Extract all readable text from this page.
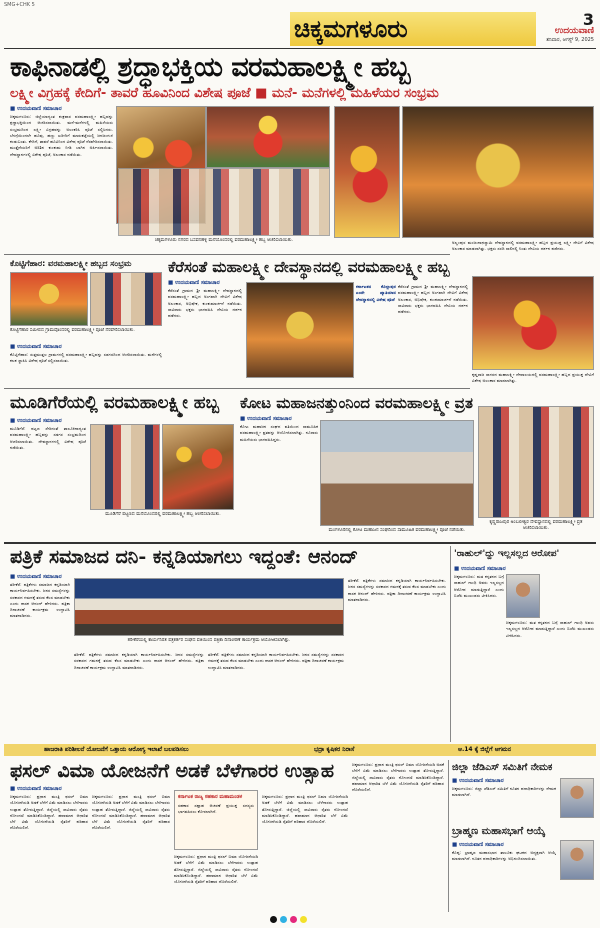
SMG+CHK 5
ಚಿಕ್ಕಮಗಳೂರು	3
ಉದಯವಾಣಿ
ಶನಿವಾರ, ಆಗಸ್ಟ್ 9, 2025
ಕಾಫಿನಾಡಲ್ಲಿ ಶ್ರದ್ಧಾಭಕ್ತಿಯ ವರಮಹಾಲಕ್ಷ್ಮೀ ಹಬ್ಬ
ಲಕ್ಷ್ಮೀ ವಿಗ್ರಹಕ್ಕೆ ಕೇದಿಗೆ- ತಾವರೆ ಹೂವಿನಿಂದ ವಿಶೇಷ ಪೂಜೆ ■ ಮನೆ- ಮನೆಗಳಲ್ಲಿ ಮಹಿಳೆಯರ ಸಂಭ್ರಮ
■ ಉದಯವಾಣಿ ಸಮಾಚಾರ
ಚಿಕ್ಕಮಗಳೂರು: ಜಿಲ್ಲೆಯಾದ್ಯಂತ ಶುಕ್ರವಾರ ವರಮಹಾಲಕ್ಷ್ಮೀ ಹಬ್ಬವನ್ನು ಶ್ರದ್ಧಾಭಕ್ತಿಯಿಂದ ಆಚರಿಸಲಾಯಿತು. ಮನೆ-ಮನೆಗಳಲ್ಲಿ ಮಹಿಳೆಯರು ಸಂಭ್ರಮದಿಂದ ಲಕ್ಷ್ಮೀ ವಿಗ್ರಹವನ್ನು ಅಲಂಕರಿಸಿ ಪೂಜೆ ಸಲ್ಲಿಸಿದರು. ಬೆಳಗ್ಗೆಯಿಂದಲೇ ಹೂವು, ಹಣ್ಣು ಖರೀದಿಗೆ ಮಾರುಕಟ್ಟೆಯಲ್ಲಿ ಜನಜಂಗುಳಿ ಕಂಡುಬಂತು. ಕೇದಿಗೆ, ತಾವರೆ ಹೂವಿನಿಂದ ವಿಶೇಷ ಪೂಜೆ ನೆರವೇರಿಸಲಾಯಿತು. ಮುತ್ತೈದೆಯರಿಗೆ ಅರಿಶಿನ ಕುಂಕುಮ ನೀಡಿ ಬಾಗಿನ ಅರ್ಪಿಸಲಾಯಿತು. ದೇವಸ್ಥಾನಗಳಲ್ಲಿ ವಿಶೇಷ ಪೂಜೆ, ಅಲಂಕಾರ ನಡೆಯಿತು.
ಚಿಕ್ಕಮಗಳೂರು ನಗರದ ಬಸವನಹಳ್ಳಿ ಮನೆಯೊಂದರಲ್ಲಿ ವರಮಹಾಲಕ್ಷ್ಮೀ ಹಬ್ಬ ಆಚರಿಸಲಾಯಿತು.	ಅಲ್ಲಂಪುರ ಮಂಜುನಾಥಸ್ವಾಮಿ ದೇವಸ್ಥಾನದಲ್ಲಿ ವರಮಹಾಲಕ್ಷ್ಮೀ ಹಬ್ಬದ ಪ್ರಯುಕ್ತ ಲಕ್ಷ್ಮೀ ದೇವಿಗೆ ವಿಶೇಷ ಅಲಂಕಾರ ಮಾಡಲಾಗಿತ್ತು. ಭಕ್ತರು ಸರದಿ ಸಾಲಿನಲ್ಲಿ ನಿಂತು ದೇವಿಯ ದರ್ಶನ ಪಡೆದರು.
ಕೊಟ್ಟಿಗೆಹಾರ: ವರಮಹಾಲಕ್ಷ್ಮೀ ಹಬ್ಬದ ಸಂಭ್ರಮ
ಕೊಟ್ಟಿಗೆಹಾರ ಸಮೀಪದ ಗ್ರಾಮವೊಂದರಲ್ಲಿ ವರಮಹಾಲಕ್ಷ್ಮೀ ಪೂಜೆ ನೆರವೇರಿಸಲಾಯಿತು.
■ ಉದಯವಾಣಿ ಸಮಾಚಾರ
ಕೊಟ್ಟಿಗೆಹಾರ: ಸುತ್ತಮುತ್ತಲ ಗ್ರಾಮಗಳಲ್ಲಿ ವರಮಹಾಲಕ್ಷ್ಮೀ ಹಬ್ಬವನ್ನು ಸಡಗರದಿಂದ ಆಚರಿಸಲಾಯಿತು. ಮನೆಗಳಲ್ಲಿ ಕಲಶ ಸ್ಥಾಪಿಸಿ ವಿಶೇಷ ಪೂಜೆ ಸಲ್ಲಿಸಲಾಯಿತು.
ಕೆರೆಸಂತೆ ಮಹಾಲಕ್ಷ್ಮೀ ದೇವಸ್ಥಾನದಲ್ಲಿ ವರಮಹಾಲಕ್ಷ್ಮೀ ಹಬ್ಬ
■ ಉದಯವಾಣಿ ಸಮಾಚಾರ
ಕೆರೆಸಂತೆ ಗ್ರಾಮದ ಶ್ರೀ ಮಹಾಲಕ್ಷ್ಮೀ ದೇವಸ್ಥಾನದಲ್ಲಿ ವರಮಹಾಲಕ್ಷ್ಮೀ ಹಬ್ಬದ ಅಂಗವಾಗಿ ದೇವಿಗೆ ವಿಶೇಷ ಅಲಂಕಾರ, ಅಭಿಷೇಕ, ಕುಂಕುಮಾರ್ಚನೆ ನಡೆಯಿತು. ಸಾವಿರಾರು ಭಕ್ತರು ಭಾಗವಹಿಸಿ ದೇವಿಯ ದರ್ಶನ ಪಡೆದರು.
ಕರ್ನಾಟಕದ ಕೊಲ್ಲಾಪುರ ಎಂದೇ ಖ್ಯಾತಿಯಾದ ದೇವಸ್ಥಾನದಲ್ಲಿ ವಿಶೇಷ ಪೂಜೆ
ಕೆರೆಸಂತೆ ಗ್ರಾಮದ ಶ್ರೀ ಮಹಾಲಕ್ಷ್ಮೀ ದೇವಸ್ಥಾನದಲ್ಲಿ ವರಮಹಾಲಕ್ಷ್ಮೀ ಹಬ್ಬದ ಅಂಗವಾಗಿ ದೇವಿಗೆ ವಿಶೇಷ ಅಲಂಕಾರ, ಅಭಿಷೇಕ, ಕುಂಕುಮಾರ್ಚನೆ ನಡೆಯಿತು. ಸಾವಿರಾರು ಭಕ್ತರು ಭಾಗವಹಿಸಿ ದೇವಿಯ ದರ್ಶನ ಪಡೆದರು.
ಕೃಷ್ಣರಾಜ ಸಾಗರದ ಮಹಾಲಕ್ಷ್ಮೀ ದೇವಾಲಯದಲ್ಲಿ ವರಮಹಾಲಕ್ಷ್ಮೀ ಹಬ್ಬದ ಪ್ರಯುಕ್ತ ದೇವಿಗೆ ವಿಶೇಷ ಅಲಂಕಾರ ಮಾಡಲಾಗಿತ್ತು.
ಮೂಡಿಗೆರೆಯಲ್ಲಿ ವರಮಹಾಲಕ್ಷ್ಮೀ ಹಬ್ಬ
■ ಉದಯವಾಣಿ ಸಮಾಚಾರ
ಮೂಡಿಗೆರೆ: ಪಟ್ಟಣ ಸೇರಿದಂತೆ ತಾಲೂಕಿನಾದ್ಯಂತ ವರಮಹಾಲಕ್ಷ್ಮೀ ಹಬ್ಬವನ್ನು ಸಡಗರ ಸಂಭ್ರಮದಿಂದ ಆಚರಿಸಲಾಯಿತು. ದೇವಸ್ಥಾನಗಳಲ್ಲಿ ವಿಶೇಷ ಪೂಜೆ ನಡೆಯಿತು.
ಮೂಡಿಗೆರೆ ಪಟ್ಟಣದ ಮನೆಯೊಂದರಲ್ಲಿ ವರಮಹಾಲಕ್ಷ್ಮೀ ಹಬ್ಬ ಆಚರಿಸಲಾಯಿತು.
ಕೋಟ ಮಹಾಜನತ್ತುಂನಿಂದ ವರಮಹಾಲಕ್ಷ್ಮೀ ವ್ರತ
■ ಉದಯವಾಣಿ ಸಮಾಚಾರ
ಕೋಟ ಮಹಾಜನ ಸಂಘದ ವತಿಯಿಂದ ಸಾಮೂಹಿಕ ವರಮಹಾಲಕ್ಷ್ಮೀ ವ್ರತವನ್ನು ಆಯೋಜಿಸಲಾಗಿತ್ತು. ನೂರಾರು ಮಹಿಳೆಯರು ಭಾಗವಹಿಸಿದ್ದರು.
ಮಂಗಳೂರಿನಲ್ಲಿ ಕೋಟ ಮಹಾಜನ ಸಂಘದಿಂದ ಸಾಮೂಹಿಕ ವರಮಹಾಲಕ್ಷ್ಮೀ ಪೂಜೆ ನಡೆಯಿತು.
ಕೃಷ್ಣರಾಜಪುರ ಅಂಬಲೀಶ್ವರ ದೇವಸ್ಥಾನದಲ್ಲಿ ವರಮಹಾಲಕ್ಷ್ಮೀ ವ್ರತ ಆಚರಿಸಲಾಯಿತು.
ಪತ್ರಿಕೆ ಸಮಾಜದ ದನಿ- ಕನ್ನಡಿಯಾಗಲು ಇದ್ದಂತೆ: ಆನಂದ್
■ ಉದಯವಾಣಿ ಸಮಾಚಾರ
ತರೀಕೆರೆ: ಪತ್ರಿಕೆಗಳು ಸಮಾಜದ ಕನ್ನಡಿಯಾಗಿ ಕಾರ್ಯನಿರ್ವಹಿಸಬೇಕು. ಜನರ ಸಮಸ್ಯೆಗಳನ್ನು ಸರಕಾರದ ಗಮನಕ್ಕೆ ತರುವ ಕೆಲಸ ಮಾಡಬೇಕು ಎಂದು ಶಾಸಕ ಆನಂದ್ ಹೇಳಿದರು. ಪತ್ರಿಕಾ ದಿನಾಚರಣೆ ಕಾರ್ಯಕ್ರಮ ಉದ್ಘಾಟಿಸಿ ಮಾತನಾಡಿದರು.
ತರೀಕೆರೆಯಲ್ಲಿ ಕಾರ್ಯನಿರತ ಪತ್ರಕರ್ತರ ಸಂಘದ ವತಿಯಿಂದ ಪತ್ರಿಕಾ ದಿನಾಚರಣೆ ಕಾರ್ಯಕ್ರಮ ಆಯೋಜಿಸಲಾಗಿತ್ತು.
ತರೀಕೆರೆ: ಪತ್ರಿಕೆಗಳು ಸಮಾಜದ ಕನ್ನಡಿಯಾಗಿ ಕಾರ್ಯನಿರ್ವಹಿಸಬೇಕು. ಜನರ ಸಮಸ್ಯೆಗಳನ್ನು ಸರಕಾರದ ಗಮನಕ್ಕೆ ತರುವ ಕೆಲಸ ಮಾಡಬೇಕು ಎಂದು ಶಾಸಕ ಆನಂದ್ ಹೇಳಿದರು. ಪತ್ರಿಕಾ ದಿನಾಚರಣೆ ಕಾರ್ಯಕ್ರಮ ಉದ್ಘಾಟಿಸಿ ಮಾತನಾಡಿದರು.
ತರೀಕೆರೆ: ಪತ್ರಿಕೆಗಳು ಸಮಾಜದ ಕನ್ನಡಿಯಾಗಿ ಕಾರ್ಯನಿರ್ವಹಿಸಬೇಕು. ಜನರ ಸಮಸ್ಯೆಗಳನ್ನು ಸರಕಾರದ ಗಮನಕ್ಕೆ ತರುವ ಕೆಲಸ ಮಾಡಬೇಕು ಎಂದು ಶಾಸಕ ಆನಂದ್ ಹೇಳಿದರು. ಪತ್ರಿಕಾ ದಿನಾಚರಣೆ ಕಾರ್ಯಕ್ರಮ ಉದ್ಘಾಟಿಸಿ ಮಾತನಾಡಿದರು.
ತರೀಕೆರೆ: ಪತ್ರಿಕೆಗಳು ಸಮಾಜದ ಕನ್ನಡಿಯಾಗಿ ಕಾರ್ಯನಿರ್ವಹಿಸಬೇಕು. ಜನರ ಸಮಸ್ಯೆಗಳನ್ನು ಸರಕಾರದ ಗಮನಕ್ಕೆ ತರುವ ಕೆಲಸ ಮಾಡಬೇಕು ಎಂದು ಶಾಸಕ ಆನಂದ್ ಹೇಳಿದರು. ಪತ್ರಿಕಾ ದಿನಾಚರಣೆ ಕಾರ್ಯಕ್ರಮ ಉದ್ಘಾಟಿಸಿ ಮಾತನಾಡಿದರು.
'ರಾಹುಲ್'ದ್ದು ಇಲ್ಲಸಲ್ಲದ ಆರೋಪ'
■ ಉದಯವಾಣಿ ಸಮಾಚಾರ
ಚಿಕ್ಕಮಗಳೂರು: ಮತ ಕಳ್ಳತನದ ಬಗ್ಗೆ ರಾಹುಲ್ ಗಾಂಧಿ ಅವರು ಇಲ್ಲಸಲ್ಲದ ಆರೋಪ ಮಾಡುತ್ತಿದ್ದಾರೆ ಎಂದು ಬಿಜೆಪಿ ಮುಖಂಡರು ಟೀಕಿಸಿದರು.
ಚಿಕ್ಕಮಗಳೂರು: ಮತ ಕಳ್ಳತನದ ಬಗ್ಗೆ ರಾಹುಲ್ ಗಾಂಧಿ ಅವರು ಇಲ್ಲಸಲ್ಲದ ಆರೋಪ ಮಾಡುತ್ತಿದ್ದಾರೆ ಎಂದು ಬಿಜೆಪಿ ಮುಖಂಡರು ಟೀಕಿಸಿದರು.
ಹಾಜರಾತಿ ಪರಿಶೀಲನೆ ಯೋಜನೆಗೆ ಒತ್ತಾಯ ಆರೋಗ್ಯ ಇಲಾಖೆ ಬಲಪಡಿಸಲು	ಭದ್ರಾ ಕೃಷಿಕರ ನಿರಾಸೆ	ಆ.14 ಕ್ಕೆ ಜಿಲ್ಲೆಗೆ ಆಗಮನ
ಫಸಲ್ ವಿಮಾ ಯೋಜನೆಗೆ ಅಡಕೆ ಬೆಳೆಗಾರರ ಉತ್ಸಾಹ
■ ಉದಯವಾಣಿ ಸಮಾಚಾರ
ಚಿಕ್ಕಮಗಳೂರು: ಪ್ರಧಾನ ಮಂತ್ರಿ ಫಸಲ್ ಬಿಮಾ ಯೋಜನೆಯಡಿ ಅಡಕೆ ಬೆಳೆಗೆ ವಿಮೆ ಮಾಡಿಸಲು ಬೆಳೆಗಾರರು ಉತ್ಸಾಹ ತೋರುತ್ತಿದ್ದಾರೆ. ಜಿಲ್ಲೆಯಲ್ಲಿ ಸಾವಿರಾರು ರೈತರು ನೋಂದಣಿ ಮಾಡಿಸಿಕೊಂಡಿದ್ದಾರೆ. ಹವಾಮಾನ ಆಧಾರಿತ ಬೆಳೆ ವಿಮೆ ಯೋಜನೆಯಡಿ ರೈತರಿಗೆ ಪರಿಹಾರ ದೊರೆಯಲಿದೆ.
ಚಿಕ್ಕಮಗಳೂರು: ಪ್ರಧಾನ ಮಂತ್ರಿ ಫಸಲ್ ಬಿಮಾ ಯೋಜನೆಯಡಿ ಅಡಕೆ ಬೆಳೆಗೆ ವಿಮೆ ಮಾಡಿಸಲು ಬೆಳೆಗಾರರು ಉತ್ಸಾಹ ತೋರುತ್ತಿದ್ದಾರೆ. ಜಿಲ್ಲೆಯಲ್ಲಿ ಸಾವಿರಾರು ರೈತರು ನೋಂದಣಿ ಮಾಡಿಸಿಕೊಂಡಿದ್ದಾರೆ. ಹವಾಮಾನ ಆಧಾರಿತ ಬೆಳೆ ವಿಮೆ ಯೋಜನೆಯಡಿ ರೈತರಿಗೆ ಪರಿಹಾರ ದೊರೆಯಲಿದೆ.
ಕರ್ನಾಟಕ ರಾಜ್ಯ ಸಹಕಾರ ಮಹಾಮಂಡಳ
ಸಹಕಾರ ಸಪ್ತಾಹ ಆಚರಣೆ ಪ್ರಯುಕ್ತ ಸದಸ್ಯರು ಭಾಗವಹಿಸಲು ಕೋರಲಾಗಿದೆ.
ಚಿಕ್ಕಮಗಳೂರು: ಪ್ರಧಾನ ಮಂತ್ರಿ ಫಸಲ್ ಬಿಮಾ ಯೋಜನೆಯಡಿ ಅಡಕೆ ಬೆಳೆಗೆ ವಿಮೆ ಮಾಡಿಸಲು ಬೆಳೆಗಾರರು ಉತ್ಸಾಹ ತೋರುತ್ತಿದ್ದಾರೆ. ಜಿಲ್ಲೆಯಲ್ಲಿ ಸಾವಿರಾರು ರೈತರು ನೋಂದಣಿ ಮಾಡಿಸಿಕೊಂಡಿದ್ದಾರೆ. ಹವಾಮಾನ ಆಧಾರಿತ ಬೆಳೆ ವಿಮೆ ಯೋಜನೆಯಡಿ ರೈತರಿಗೆ ಪರಿಹಾರ ದೊರೆಯಲಿದೆ.
ಚಿಕ್ಕಮಗಳೂರು: ಪ್ರಧಾನ ಮಂತ್ರಿ ಫಸಲ್ ಬಿಮಾ ಯೋಜನೆಯಡಿ ಅಡಕೆ ಬೆಳೆಗೆ ವಿಮೆ ಮಾಡಿಸಲು ಬೆಳೆಗಾರರು ಉತ್ಸಾಹ ತೋರುತ್ತಿದ್ದಾರೆ. ಜಿಲ್ಲೆಯಲ್ಲಿ ಸಾವಿರಾರು ರೈತರು ನೋಂದಣಿ ಮಾಡಿಸಿಕೊಂಡಿದ್ದಾರೆ. ಹವಾಮಾನ ಆಧಾರಿತ ಬೆಳೆ ವಿಮೆ ಯೋಜನೆಯಡಿ ರೈತರಿಗೆ ಪರಿಹಾರ ದೊರೆಯಲಿದೆ.
ಚಿಕ್ಕಮಗಳೂರು: ಪ್ರಧಾನ ಮಂತ್ರಿ ಫಸಲ್ ಬಿಮಾ ಯೋಜನೆಯಡಿ ಅಡಕೆ ಬೆಳೆಗೆ ವಿಮೆ ಮಾಡಿಸಲು ಬೆಳೆಗಾರರು ಉತ್ಸಾಹ ತೋರುತ್ತಿದ್ದಾರೆ. ಜಿಲ್ಲೆಯಲ್ಲಿ ಸಾವಿರಾರು ರೈತರು ನೋಂದಣಿ ಮಾಡಿಸಿಕೊಂಡಿದ್ದಾರೆ. ಹವಾಮಾನ ಆಧಾರಿತ ಬೆಳೆ ವಿಮೆ ಯೋಜನೆಯಡಿ ರೈತರಿಗೆ ಪರಿಹಾರ ದೊರೆಯಲಿದೆ.
ಜಿಲ್ಲಾ ಜೆಡಿಎಸ್ ಸಮಿತಿಗೆ ನೇಮಕ
■ ಉದಯವಾಣಿ ಸಮಾಚಾರ
ಚಿಕ್ಕಮಗಳೂರು: ಜಿಲ್ಲಾ ಜೆಡಿಎಸ್ ಸಮಿತಿಗೆ ನೂತನ ಪದಾಧಿಕಾರಿಗಳನ್ನು ನೇಮಕ ಮಾಡಲಾಗಿದೆ.
ಬ್ರಾಹ್ಮಣ ಮಹಾಸಭಾಗೆ ಆಯ್ಕೆ
■ ಉದಯವಾಣಿ ಸಮಾಚಾರ
ಕೊಪ್ಪ: ಬ್ರಾಹ್ಮಣ ಮಹಾಸಭಾದ ತಾಲೂಕು ಘಟಕದ ಅಧ್ಯಕ್ಷರಾಗಿ ಆಯ್ಕೆ ಮಾಡಲಾಗಿದೆ. ನೂತನ ಪದಾಧಿಕಾರಿಗಳನ್ನು ಅಭಿನಂದಿಸಲಾಯಿತು.
